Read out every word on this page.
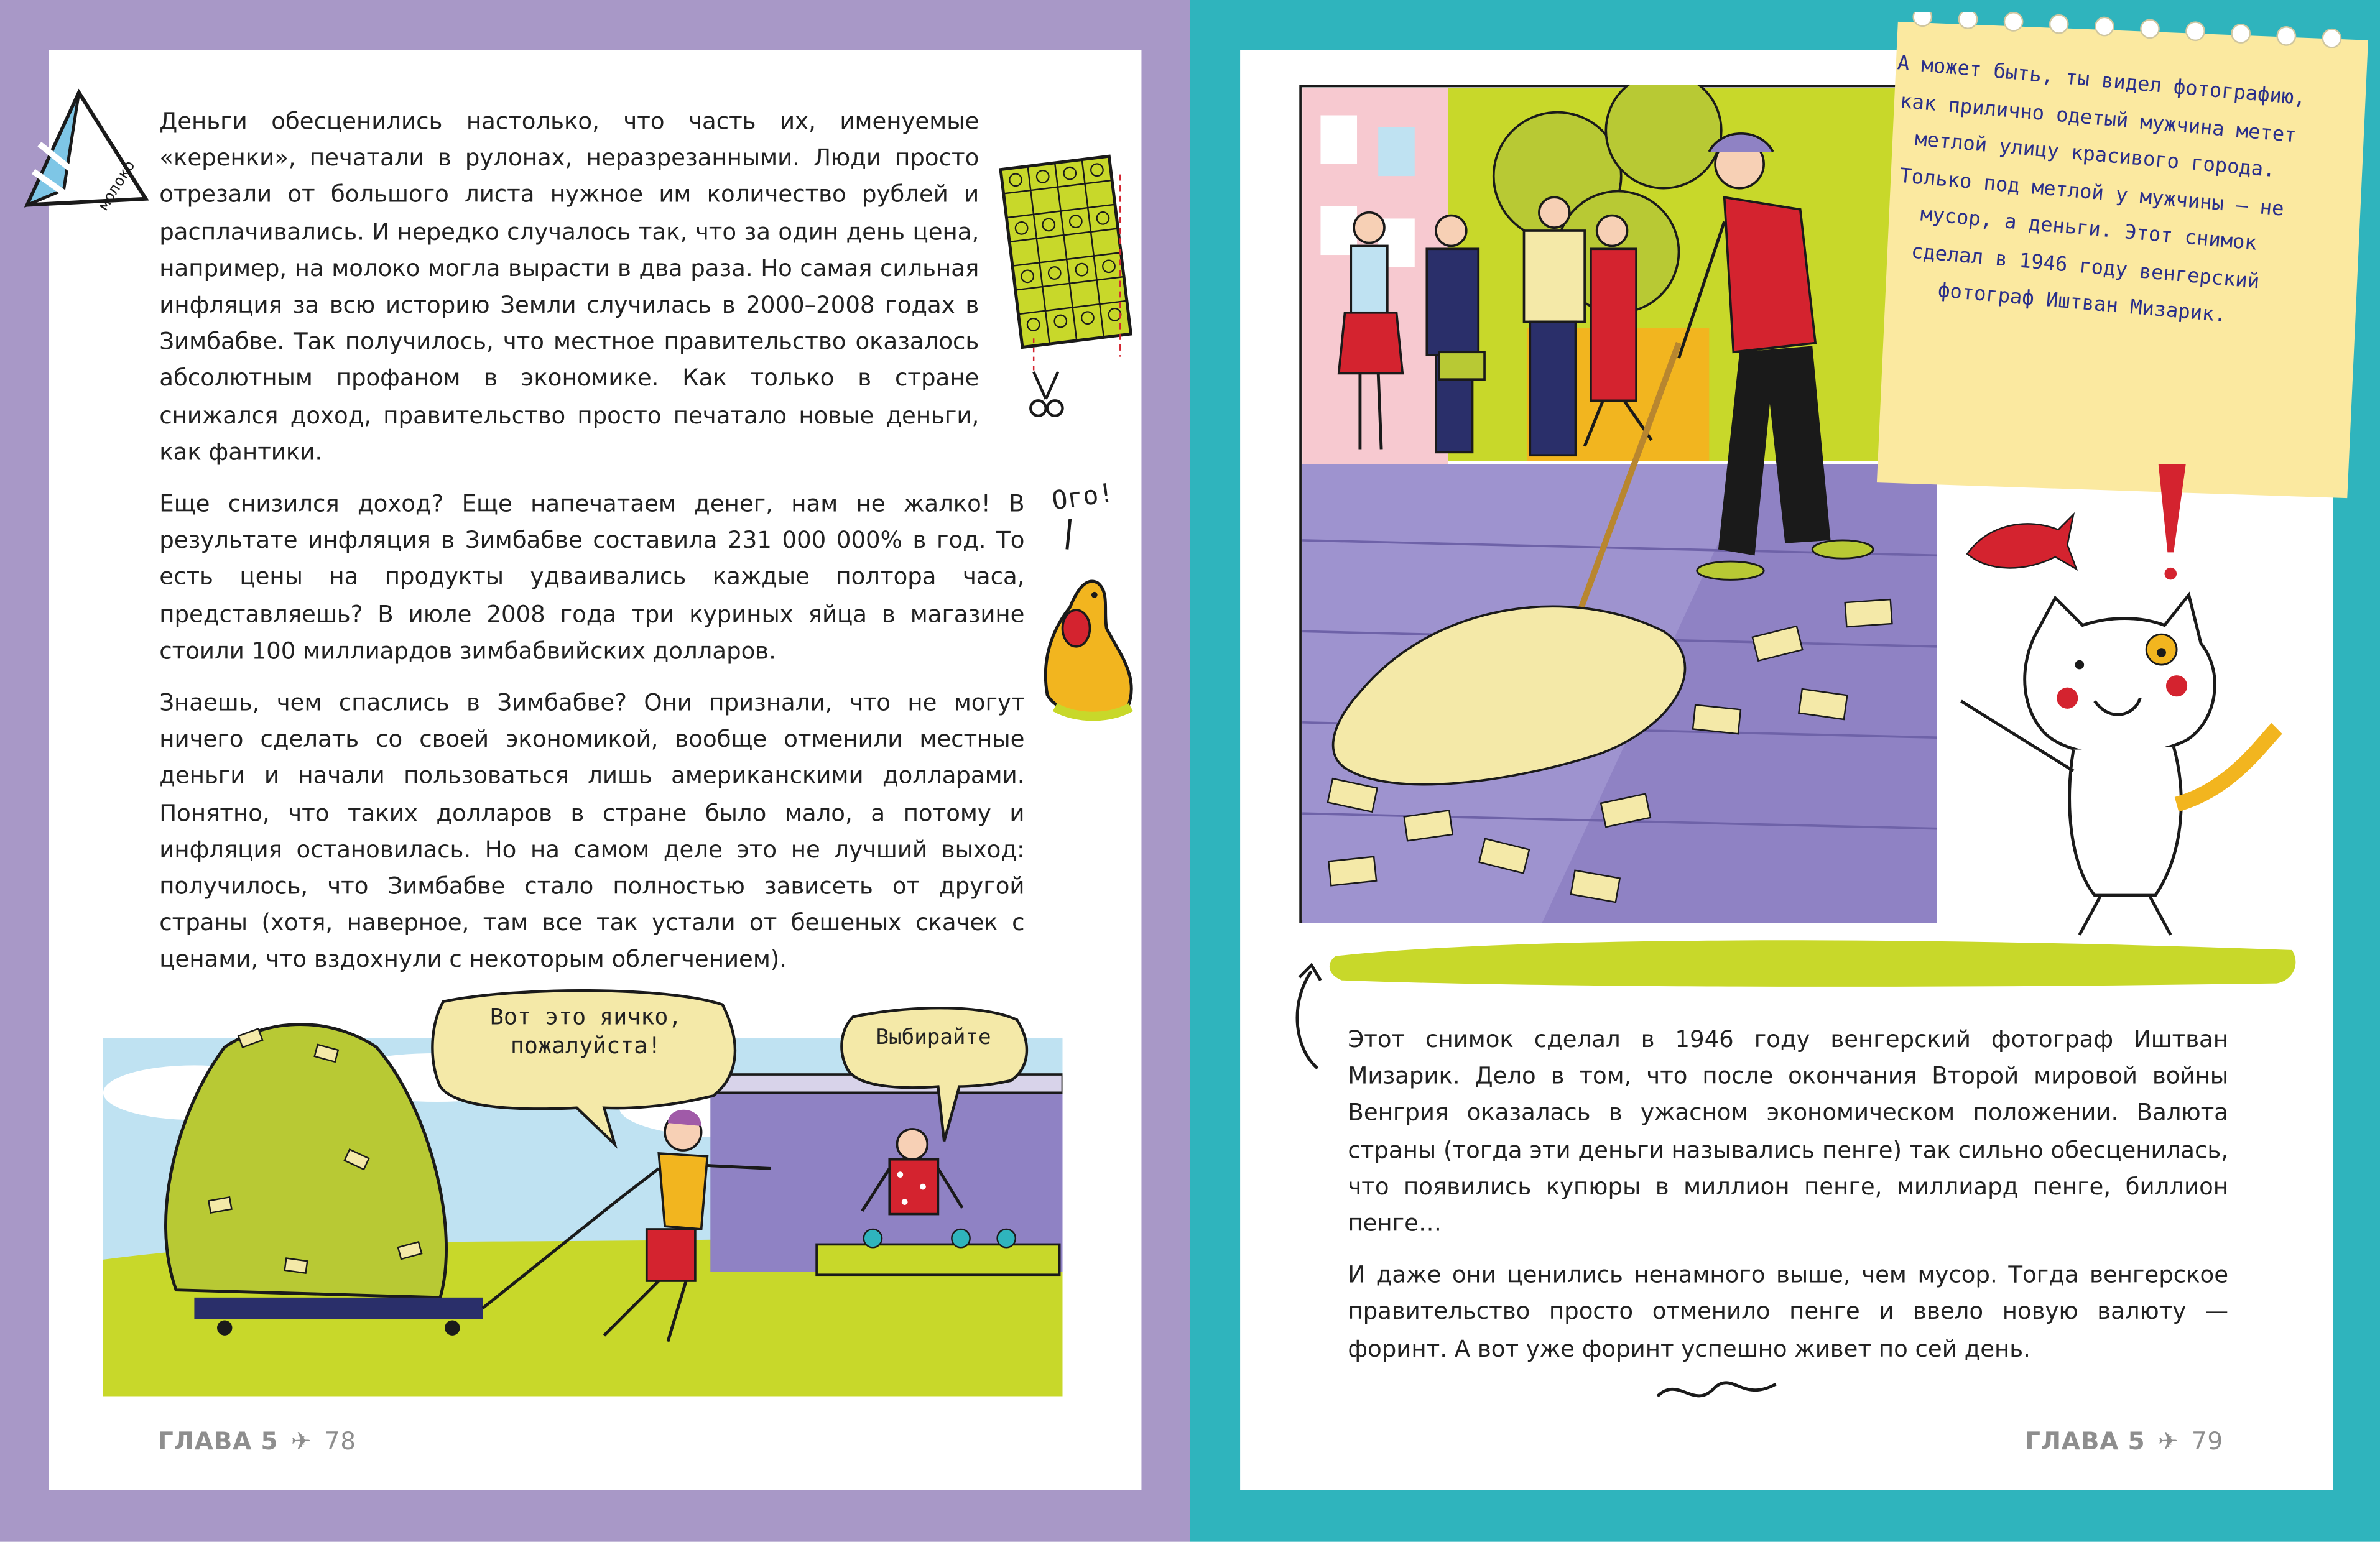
Деньги обесценились настолько, что часть их, именуемые «керенки», печатали в рулонах, неразрезанными. Люди просто отрезали от большого листа нужное им количество рублей и расплачивались. И нередко случалось так, что за один день цена, например, на молоко могла вырасти в два раза. Но самая сильная инфляция за всю историю Земли случилась в 2000–2008 годах в Зимбабве. Так получилось, что местное правительство оказалось абсолютным профаном в экономике. Как только в стране снижался доход, правительство просто печатало новые деньги, как фантики.

Еще снизился доход? Еще напечатаем денег, нам не жалко! В результате инфляция в Зимбабве составила 231 000 000% в год. То есть цены на продукты удваивались каждые полтора часа, представляешь? В июле 2008 года три куриных яйца в магазине стоили 100 миллиардов зимбабвийских долларов.

Знаешь, чем спаслись в Зимбабве? Они признали, что не могут ничего сделать со своей экономикой, вообще отменили местные деньги и начали пользоваться лишь американскими долларами. Понятно, что таких долларов в стране было мало, а потому и инфляция остановилась. Но на самом деле это не лучший выход: получилось, что Зимбабве стало полностью зависеть от другой страны (хотя, наверное, там все так устали от бешеных скачек с ценами, что вздохнули с некоторым облегчением).

молоко
Ого!
Вот это яичко, пожалуйста!	Выбирайте
ГЛАВА 5 ✈ 78
А может быть, ты видел фотографию, как прилично одетый мужчина метет метлой улицу красивого города. Только под метлой у мужчины — не мусор, а деньги. Этот снимок сделал в 1946 году венгерский фотограф Иштван Мизарик.

Этот снимок сделал в 1946 году венгерский фотограф Иштван Мизарик. Дело в том, что после окончания Второй мировой войны Венгрия оказалась в ужасном экономическом положении. Валюта страны (тогда эти деньги назывались пенге) так сильно обесценилась, что появились купюры в миллион пенге, миллиард пенге, биллион пенге…

И даже они ценились ненамного выше, чем мусор. Тогда венгерское правительство просто отменило пенге и ввело новую валюту — форинт. А вот уже форинт успешно живет по сей день.

ГЛАВА 5 ✈ 79
